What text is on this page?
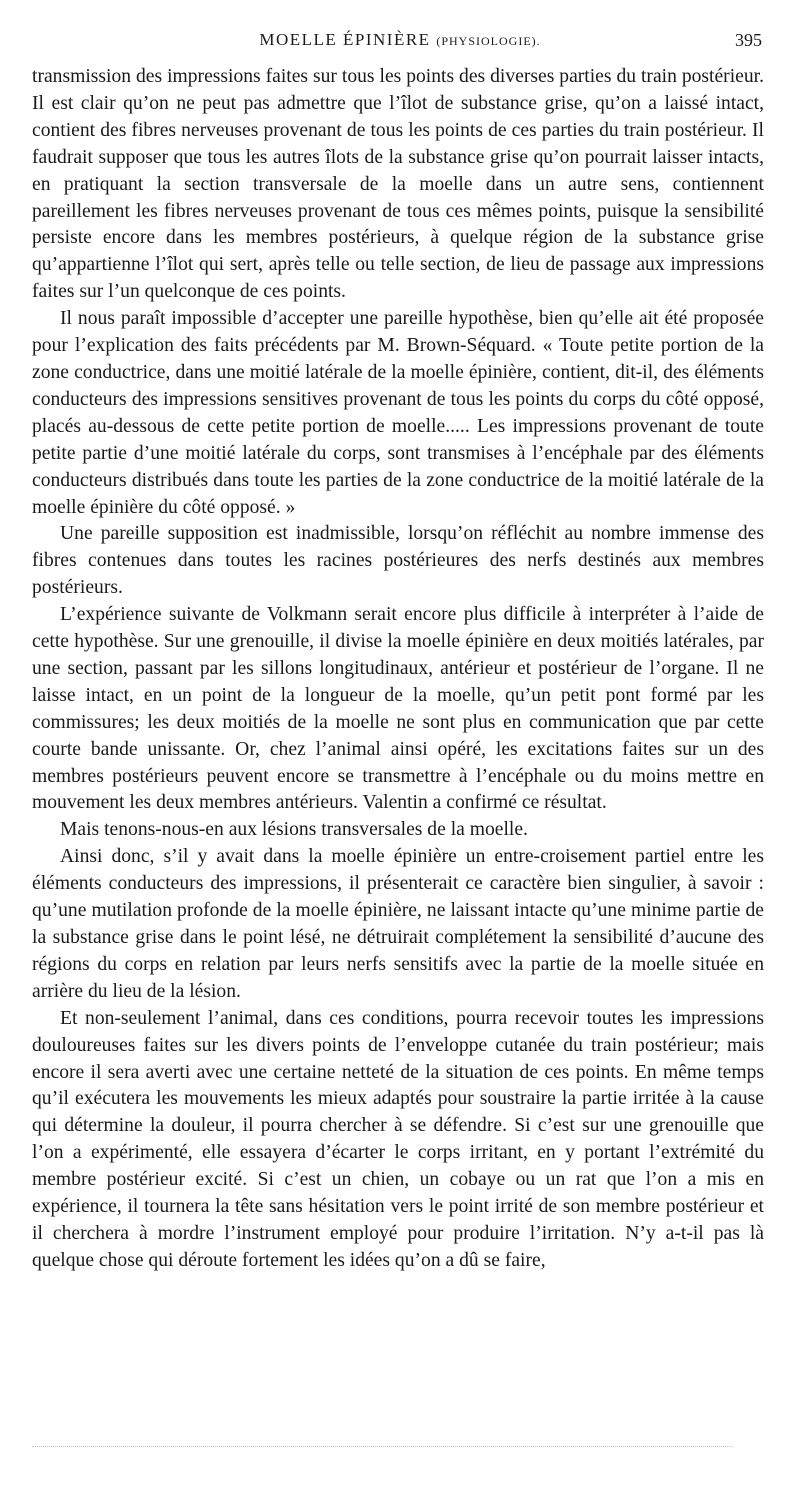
MOELLE ÉPINIÈRE (PHYSIOLOGIE).	395

transmission des impressions faites sur tous les points des diverses parties du train postérieur. Il est clair qu’on ne peut pas admettre que l’îlot de substance grise, qu’on a laissé intact, contient des fibres nerveuses provenant de tous les points de ces parties du train postérieur. Il faudrait supposer que tous les autres îlots de la substance grise qu’on pourrait laisser intacts, en pratiquant la section transversale de la moelle dans un autre sens, contiennent pareillement les fibres nerveuses provenant de tous ces mêmes points, puisque la sensibilité persiste encore dans les membres postérieurs, à quelque région de la substance grise qu’appartienne l’îlot qui sert, après telle ou telle section, de lieu de passage aux impressions faites sur l’un quelconque de ces points.

Il nous paraît impossible d’accepter une pareille hypothèse, bien qu’elle ait été proposée pour l’explication des faits précédents par M. Brown-Séquard. « Toute petite portion de la zone conductrice, dans une moitié latérale de la moelle épinière, contient, dit-il, des éléments conducteurs des impressions sensitives provenant de tous les points du corps du côté opposé, placés au-dessous de cette petite portion de moelle..... Les impressions provenant de toute petite partie d’une moitié latérale du corps, sont transmises à l’encéphale par des éléments conducteurs distribués dans toute les parties de la zone conductrice de la moitié latérale de la moelle épinière du côté opposé. »

Une pareille supposition est inadmissible, lorsqu’on réfléchit au nombre immense des fibres contenues dans toutes les racines postérieures des nerfs destinés aux membres postérieurs.

L’expérience suivante de Volkmann serait encore plus difficile à interpréter à l’aide de cette hypothèse. Sur une grenouille, il divise la moelle épinière en deux moitiés latérales, par une section, passant par les sillons longitudinaux, antérieur et postérieur de l’organe. Il ne laisse intact, en un point de la longueur de la moelle, qu’un petit pont formé par les commissures; les deux moitiés de la moelle ne sont plus en communication que par cette courte bande unissante. Or, chez l’animal ainsi opéré, les excitations faites sur un des membres postérieurs peuvent encore se transmettre à l’encéphale ou du moins mettre en mouvement les deux membres antérieurs. Valentin a confirmé ce résultat.

Mais tenons-nous-en aux lésions transversales de la moelle.

Ainsi donc, s’il y avait dans la moelle épinière un entre-croisement partiel entre les éléments conducteurs des impressions, il présenterait ce caractère bien singulier, à savoir : qu’une mutilation profonde de la moelle épinière, ne laissant intacte qu’une minime partie de la substance grise dans le point lésé, ne détruirait complétement la sensibilité d’aucune des régions du corps en relation par leurs nerfs sensitifs avec la partie de la moelle située en arrière du lieu de la lésion.

Et non-seulement l’animal, dans ces conditions, pourra recevoir toutes les impressions douloureuses faites sur les divers points de l’enveloppe cutanée du train postérieur; mais encore il sera averti avec une certaine netteté de la situation de ces points. En même temps qu’il exécutera les mouvements les mieux adaptés pour soustraire la partie irritée à la cause qui détermine la douleur, il pourra chercher à se défendre. Si c’est sur une grenouille que l’on a expérimenté, elle essayera d’écarter le corps irritant, en y portant l’extrémité du membre postérieur excité. Si c’est un chien, un cobaye ou un rat que l’on a mis en expérience, il tournera la tête sans hésitation vers le point irrité de son membre postérieur et il cherchera à mordre l’instrument employé pour produire l’irritation. N’y a-t-il pas là quelque chose qui déroute fortement les idées qu’on a dû se faire,
